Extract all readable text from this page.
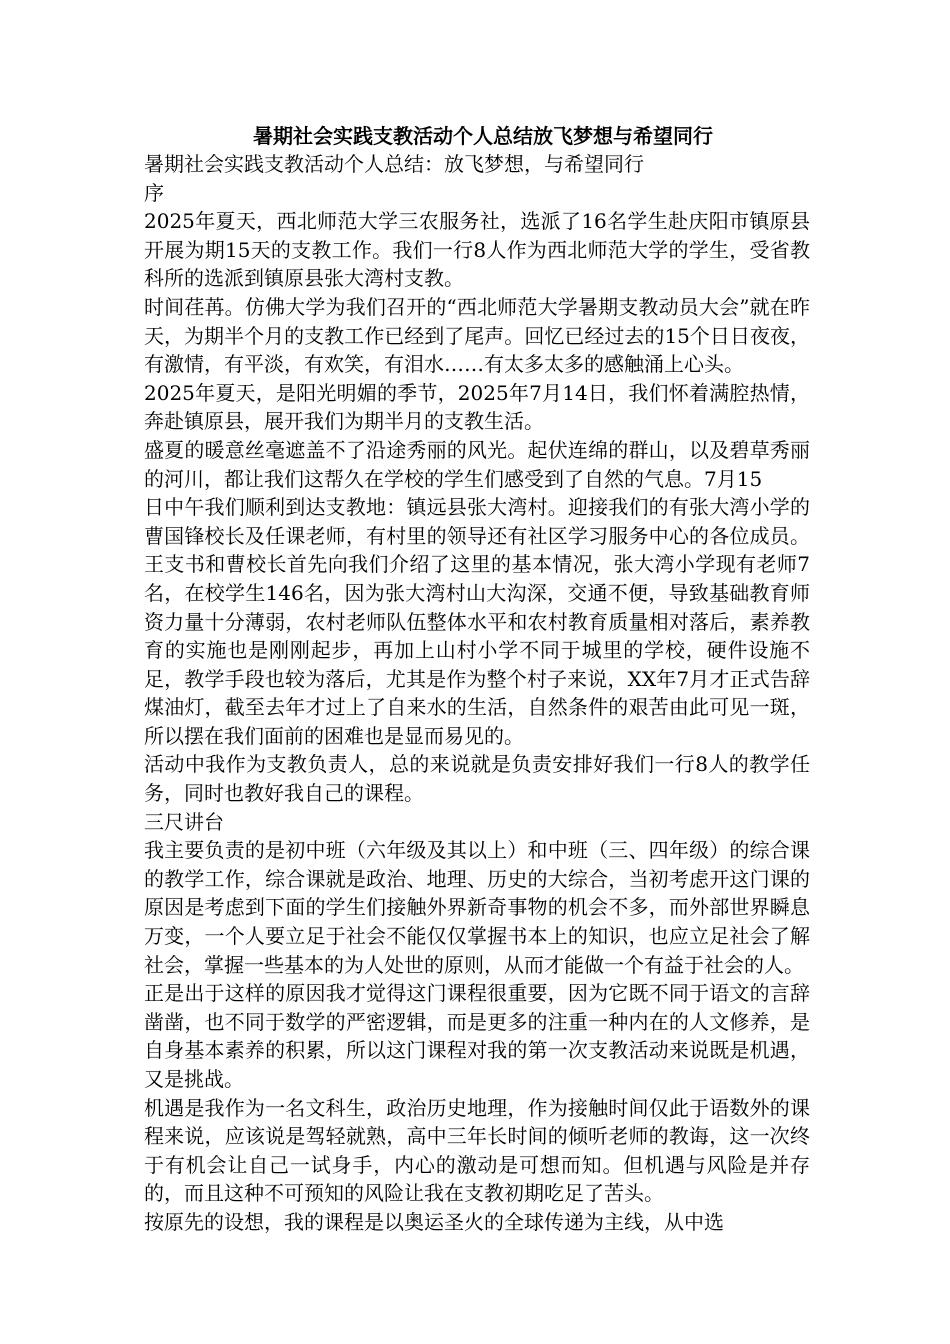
暑期社会实践支教活动个人总结放飞梦想与希望同行

暑期社会实践支教活动个人总结：放飞梦想，与希望同行

序

2025年夏天，西北师范大学三农服务社，选派了16名学生赴庆阳市镇原县开展为期15天的支教工作。我们一行8人作为西北师范大学的学生，受省教科所的选派到镇原县张大湾村支教。

时间荏苒。仿佛大学为我们召开的“西北师范大学暑期支教动员大会”就在昨天，为期半个月的支教工作已经到了尾声。回忆已经过去的15个日日夜夜，有激情，有平淡，有欢笑，有泪水……有太多太多的感触涌上心头。

2025年夏天，是阳光明媚的季节，2025年7月14日，我们怀着满腔热情，奔赴镇原县，展开我们为期半月的支教生活。

盛夏的暖意丝毫遮盖不了沿途秀丽的风光。起伏连绵的群山，以及碧草秀丽的河川，都让我们这帮久在学校的学生们感受到了自然的气息。7月15

日中午我们顺利到达支教地：镇远县张大湾村。迎接我们的有张大湾小学的曹国锋校长及任课老师，有村里的领导还有社区学习服务中心的各位成员。王支书和曹校长首先向我们介绍了这里的基本情况，张大湾小学现有老师7名，在校学生146名，因为张大湾村山大沟深，交通不便，导致基础教育师资力量十分薄弱，农村老师队伍整体水平和农村教育质量相对落后，素养教育的实施也是刚刚起步，再加上山村小学不同于城里的学校，硬件设施不足，教学手段也较为落后，尤其是作为整个村子来说，XX年7月才正式告辞煤油灯，截至去年才过上了自来水的生活，自然条件的艰苦由此可见一斑，所以摆在我们面前的困难也是显而易见的。

活动中我作为支教负责人，总的来说就是负责安排好我们一行8人的教学任务，同时也教好我自己的课程。

三尺讲台

我主要负责的是初中班（六年级及其以上）和中班（三、四年级）的综合课的教学工作，综合课就是政治、地理、历史的大综合，当初考虑开这门课的原因是考虑到下面的学生们接触外界新奇事物的机会不多，而外部世界瞬息万变，一个人要立足于社会不能仅仅掌握书本上的知识，也应立足社会了解社会，掌握一些基本的为人处世的原则，从而才能做一个有益于社会的人。

正是出于这样的原因我才觉得这门课程很重要，因为它既不同于语文的言辞凿凿，也不同于数学的严密逻辑，而是更多的注重一种内在的人文修养，是自身基本素养的积累，所以这门课程对我的第一次支教活动来说既是机遇，又是挑战。

机遇是我作为一名文科生，政治历史地理，作为接触时间仅此于语数外的课程来说，应该说是驾轻就熟，高中三年长时间的倾听老师的教诲，这一次终于有机会让自己一试身手，内心的激动是可想而知。但机遇与风险是并存的，而且这种不可预知的风险让我在支教初期吃足了苦头。

按原先的设想，我的课程是以奥运圣火的全球传递为主线，从中选
